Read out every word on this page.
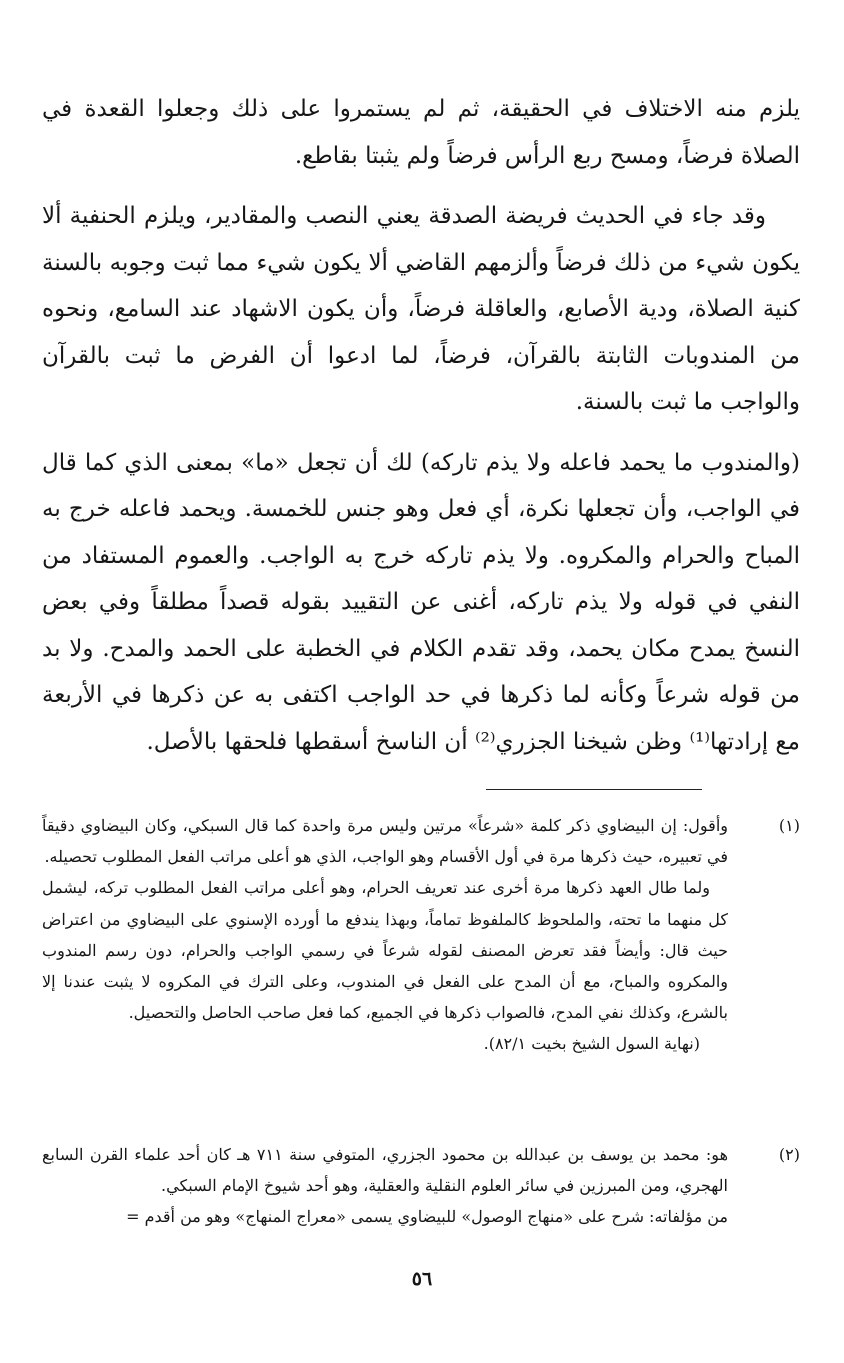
يلزم منه الاختلاف في الحقيقة، ثم لم يستمروا على ذلك وجعلوا القعدة في الصلاة فرضاً، ومسح ربع الرأس فرضاً ولم يثبتا بقاطع.

وقد جاء في الحديث فريضة الصدقة يعني النصب والمقادير، ويلزم الحنفية ألا يكون شيء من ذلك فرضاً وألزمهم القاضي ألا يكون شيء مما ثبت وجوبه بالسنة كنية الصلاة، ودية الأصابع، والعاقلة فرضاً، وأن يكون الاشهاد عند السامع، ونحوه من المندوبات الثابتة بالقرآن، فرضاً، لما ادعوا أن الفرض ما ثبت بالقرآن والواجب ما ثبت بالسنة.

(والمندوب ما يحمد فاعله ولا يذم تاركه) لك أن تجعل «ما» بمعنى الذي كما قال في الواجب، وأن تجعلها نكرة، أي فعل وهو جنس للخمسة. ويحمد فاعله خرج به المباح والحرام والمكروه. ولا يذم تاركه خرج به الواجب. والعموم المستفاد من النفي في قوله ولا يذم تاركه، أغنى عن التقييد بقوله قصداً مطلقاً وفي بعض النسخ يمدح مكان يحمد، وقد تقدم الكلام في الخطبة على الحمد والمدح. ولا بد من قوله شرعاً وكأنه لما ذكرها في حد الواجب اكتفى به عن ذكرها في الأربعة مع إرادتها⁽¹⁾ وظن شيخنا الجزري⁽²⁾ أن الناسخ أسقطها فلحقها بالأصل.

(١)

وأقول: إن البيضاوي ذكر كلمة «شرعاً» مرتين وليس مرة واحدة كما قال السبكي، وكان البيضاوي دقيقاً في تعبيره، حيث ذكرها مرة في أول الأقسام وهو الواجب، الذي هو أعلى مراتب الفعل المطلوب تحصيله.

ولما طال العهد ذكرها مرة أخرى عند تعريف الحرام، وهو أعلى مراتب الفعل المطلوب تركه، ليشمل كل منهما ما تحته، والملحوظ كالملفوظ تماماً، وبهذا يندفع ما أورده الإسنوي على البيضاوي من اعتراض حيث قال: وأيضاً فقد تعرض المصنف لقوله شرعاً في رسمي الواجب والحرام، دون رسم المندوب والمكروه والمباح، مع أن المدح على الفعل في المندوب، وعلى الترك في المكروه لا يثبت عندنا إلا بالشرع، وكذلك نفي المدح، فالصواب ذكرها في الجميع، كما فعل صاحب الحاصل والتحصيل.

(نهاية السول الشيخ بخيت ٨٢/١).

(٢)

هو: محمد بن يوسف بن عبدالله بن محمود الجزري، المتوفي سنة ٧١١ هـ كان أحد علماء القرن السابع الهجري، ومن المبرزين في سائر العلوم النقلية والعقلية، وهو أحد شيوخ الإمام السبكي.

من مؤلفاته: شرح على «منهاج الوصول» للبيضاوي يسمى «معراج المنهاج» وهو من أقدم =

٥٦
